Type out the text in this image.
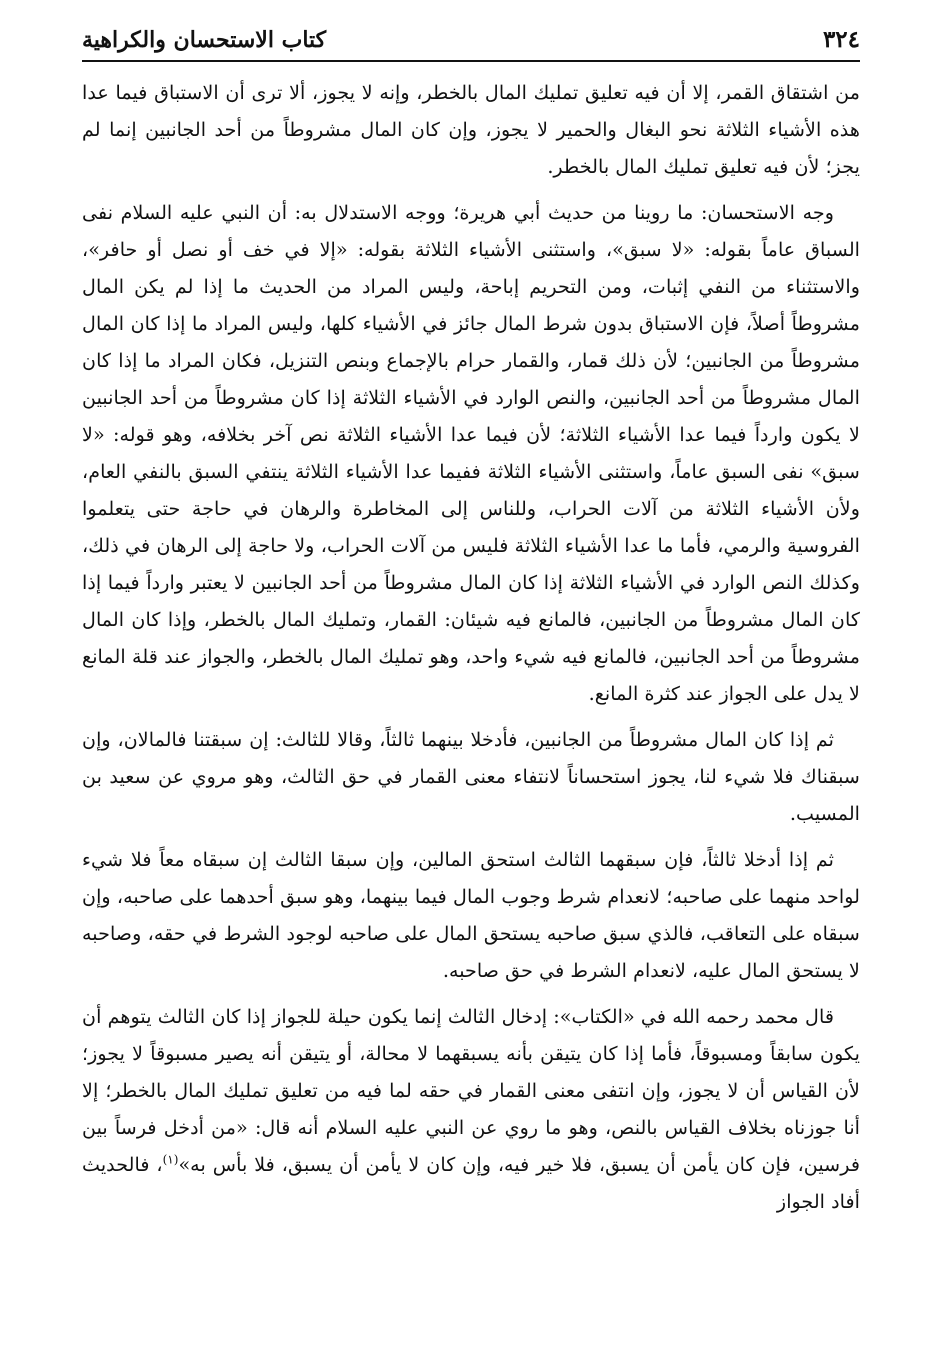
٣٢٤
كتاب الاستحسان والكراهية

من اشتقاق القمر، إلا أن فيه تعليق تمليك المال بالخطر، وإنه لا يجوز، ألا ترى أن الاستباق فيما عدا هذه الأشياء الثلاثة نحو البغال والحمير لا يجوز، وإن كان المال مشروطاً من أحد الجانبين إنما لم يجز؛ لأن فيه تعليق تمليك المال بالخطر.

وجه الاستحسان: ما روينا من حديث أبي هريرة؛ ووجه الاستدلال به: أن النبي عليه السلام نفى السباق عاماً بقوله: «لا سبق»، واستثنى الأشياء الثلاثة بقوله: «إلا في خف أو نصل أو حافر»، والاستثناء من النفي إثبات، ومن التحريم إباحة، وليس المراد من الحديث ما إذا لم يكن المال مشروطاً أصلاً، فإن الاستباق بدون شرط المال جائز في الأشياء كلها، وليس المراد ما إذا كان المال مشروطاً من الجانبين؛ لأن ذلك قمار، والقمار حرام بالإجماع وبنص التنزيل، فكان المراد ما إذا كان المال مشروطاً من أحد الجانبين، والنص الوارد في الأشياء الثلاثة إذا كان مشروطاً من أحد الجانبين لا يكون وارداً فيما عدا الأشياء الثلاثة؛ لأن فيما عدا الأشياء الثلاثة نص آخر بخلافه، وهو قوله: «لا سبق» نفى السبق عاماً، واستثنى الأشياء الثلاثة ففيما عدا الأشياء الثلاثة ينتفي السبق بالنفي العام، ولأن الأشياء الثلاثة من آلات الحراب، وللناس إلى المخاطرة والرهان في حاجة حتى يتعلموا الفروسية والرمي، فأما ما عدا الأشياء الثلاثة فليس من آلات الحراب، ولا حاجة إلى الرهان في ذلك، وكذلك النص الوارد في الأشياء الثلاثة إذا كان المال مشروطاً من أحد الجانبين لا يعتبر وارداً فيما إذا كان المال مشروطاً من الجانبين، فالمانع فيه شيئان: القمار، وتمليك المال بالخطر، وإذا كان المال مشروطاً من أحد الجانبين، فالمانع فيه شيء واحد، وهو تمليك المال بالخطر، والجواز عند قلة المانع لا يدل على الجواز عند كثرة المانع.

ثم إذا كان المال مشروطاً من الجانبين، فأدخلا بينهما ثالثاً، وقالا للثالث: إن سبقتنا فالمالان، وإن سبقناك فلا شيء لنا، يجوز استحساناً لانتفاء معنى القمار في حق الثالث، وهو مروي عن سعيد بن المسيب.

ثم إذا أدخلا ثالثاً، فإن سبقهما الثالث استحق المالين، وإن سبقا الثالث إن سبقاه معاً فلا شيء لواحد منهما على صاحبه؛ لانعدام شرط وجوب المال فيما بينهما، وهو سبق أحدهما على صاحبه، وإن سبقاه على التعاقب، فالذي سبق صاحبه يستحق المال على صاحبه لوجود الشرط في حقه، وصاحبه لا يستحق المال عليه، لانعدام الشرط في حق صاحبه.

قال محمد رحمه الله في «الكتاب»: إدخال الثالث إنما يكون حيلة للجواز إذا كان الثالث يتوهم أن يكون سابقاً ومسبوقاً، فأما إذا كان يتيقن بأنه يسبقهما لا محالة، أو يتيقن أنه يصير مسبوقاً لا يجوز؛ لأن القياس أن لا يجوز، وإن انتفى معنى القمار في حقه لما فيه من تعليق تمليك المال بالخطر؛ إلا أنا جوزناه بخلاف القياس بالنص، وهو ما روي عن النبي عليه السلام أنه قال: «من أدخل فرساً بين فرسين، فإن كان يأمن أن يسبق، فلا خير فيه، وإن كان لا يأمن أن يسبق، فلا بأس به»$^{(١)}$، فالحديث أفاد الجواز
